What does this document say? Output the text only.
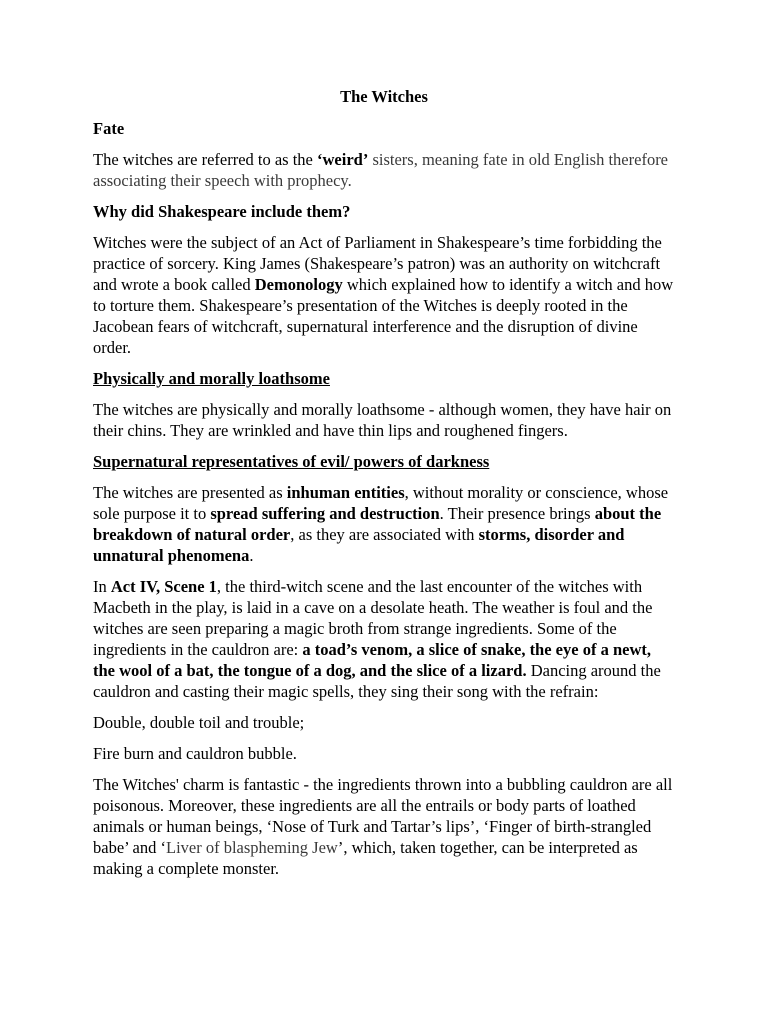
The Witches
Fate

The witches are referred to as the ‘weird’ sisters, meaning fate in old English therefore associating their speech with prophecy.

Why did Shakespeare include them?

Witches were the subject of an Act of Parliament in Shakespeare’s time forbidding the practice of sorcery. King James (Shakespeare’s patron) was an authority on witchcraft and wrote a book called Demonology which explained how to identify a witch and how to torture them. Shakespeare’s presentation of the Witches is deeply rooted in the Jacobean fears of witchcraft, supernatural interference and the disruption of divine order.

Physically and morally loathsome

The witches are physically and morally loathsome - although women, they have hair on their chins. They are wrinkled and have thin lips and roughened fingers.

Supernatural representatives of evil/ powers of darkness

The witches are presented as inhuman entities, without morality or conscience, whose sole purpose it to spread suffering and destruction. Their presence brings about the breakdown of natural order, as they are associated with storms, disorder and unnatural phenomena.

In Act IV, Scene 1, the third-witch scene and the last encounter of the witches with Macbeth in the play, is laid in a cave on a desolate heath. The weather is foul and the witches are seen preparing a magic broth from strange ingredients. Some of the ingredients in the cauldron are: a toad’s venom, a slice of snake, the eye of a newt, the wool of a bat, the tongue of a dog, and the slice of a lizard. Dancing around the cauldron and casting their magic spells, they sing their song with the refrain:

Double, double toil and trouble;

Fire burn and cauldron bubble.

The Witches' charm is fantastic - the ingredients thrown into a bubbling cauldron are all poisonous. Moreover, these ingredients are all the entrails or body parts of loathed animals or human beings, ‘Nose of Turk and Tartar’s lips’, ‘Finger of birth-strangled babe’ and ‘Liver of blaspheming Jew’, which, taken together, can be interpreted as making a complete monster.
